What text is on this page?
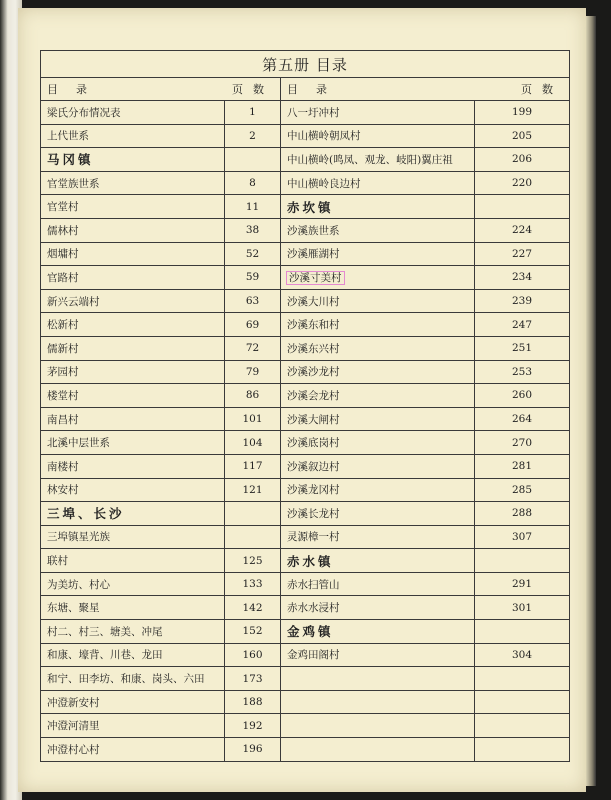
第五册 目录			

目录 页数		目录 页数	

梁氏分布情况表	1	八一圩冲村	199
上代世系	2	中山横岭朝凤村	205
马冈镇		中山横岭(鸣凤、观龙、岐阳)翼庄祖	206
官堂族世系	8	中山横岭良边村	220
官堂村	11	赤坎镇	
儒林村	38	沙溪族世系	224
烟墉村	52	沙溪雁湖村	227
官路村	59	沙溪寸美村	234
新兴云端村	63	沙溪大川村	239
松新村	69	沙溪东和村	247
儒新村	72	沙溪东兴村	251
茅园村	79	沙溪沙龙村	253
楼堂村	86	沙溪会龙村	260
南昌村	101	沙溪大闸村	264
北溪中层世系	104	沙溪底岗村	270
南楼村	117	沙溪叙边村	281
林安村	121	沙溪龙冈村	285
三埠、长沙		沙溪长龙村	288
三埠镇星光族		灵源樟一村	307
联村	125	赤水镇	
为美坊、村心	133	赤水扫管山	291
东塘、聚星	142	赤水水浸村	301
村二、村三、塘美、冲尾	152	金鸡镇	
和康、壕背、川巷、龙田	160	金鸡田阁村	304
和宁、田李坊、和康、岗头、六田	173		
冲澄新安村	188		
冲澄河清里	192		
冲澄村心村	196		
